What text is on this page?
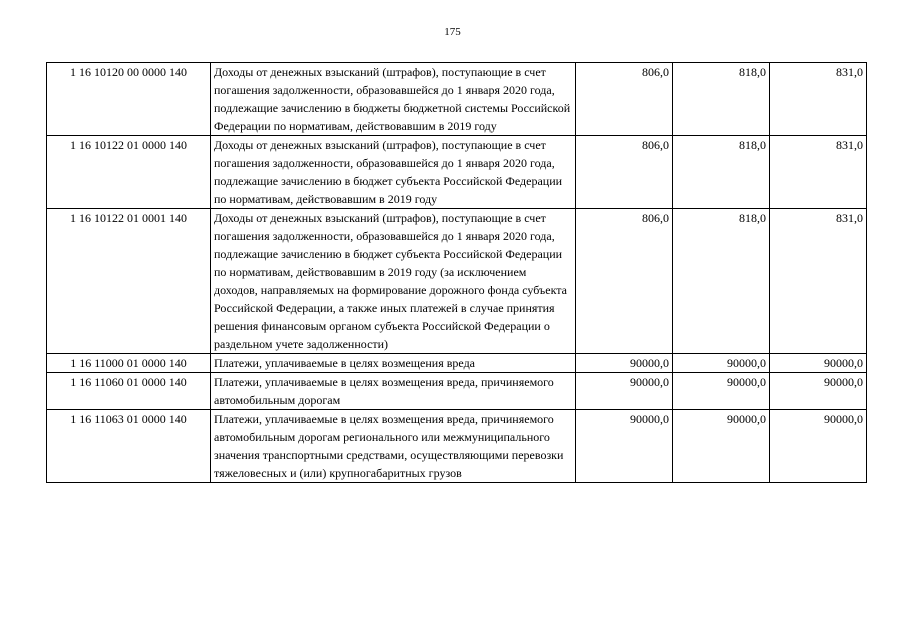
175
1 16 10120 00 0000 140	Доходы от денежных взысканий (штрафов), поступающие в счет погашения задолженности, образовавшейся до 1 января 2020 года, подлежащие зачислению в бюджеты бюджетной системы Российской Федерации по нормативам, действовавшим в 2019 году	806,0	818,0	831,0
1 16 10122 01 0000 140	Доходы от денежных взысканий (штрафов), поступающие в счет погашения задолженности, образовавшейся до 1 января 2020 года, подлежащие зачислению в бюджет субъекта Российской Федерации по нормативам, действовавшим в 2019 году	806,0	818,0	831,0
1 16 10122 01 0001 140	Доходы от денежных взысканий (штрафов), поступающие в счет погашения задолженности, образовавшейся до 1 января 2020 года, подлежащие зачислению в бюджет субъекта Российской Федерации по нормативам, действовавшим в 2019 году (за исключением доходов, направляемых на формирование дорожного фонда субъекта Российской Федерации, а также иных платежей в случае принятия решения финансовым органом субъекта Российской Федерации о раздельном учете задолженности)	806,0	818,0	831,0
1 16 11000 01 0000 140	Платежи, уплачиваемые в целях возмещения вреда	90000,0	90000,0	90000,0
1 16 11060 01 0000 140	Платежи, уплачиваемые в целях возмещения вреда, причиняемого автомобильным дорогам	90000,0	90000,0	90000,0
1 16 11063 01 0000 140	Платежи, уплачиваемые в целях возмещения вреда, причиняемого автомобильным дорогам регионального или межмуниципального значения транспортными средствами, осуществляющими перевозки тяжеловесных и (или) крупногабаритных грузов	90000,0	90000,0	90000,0
